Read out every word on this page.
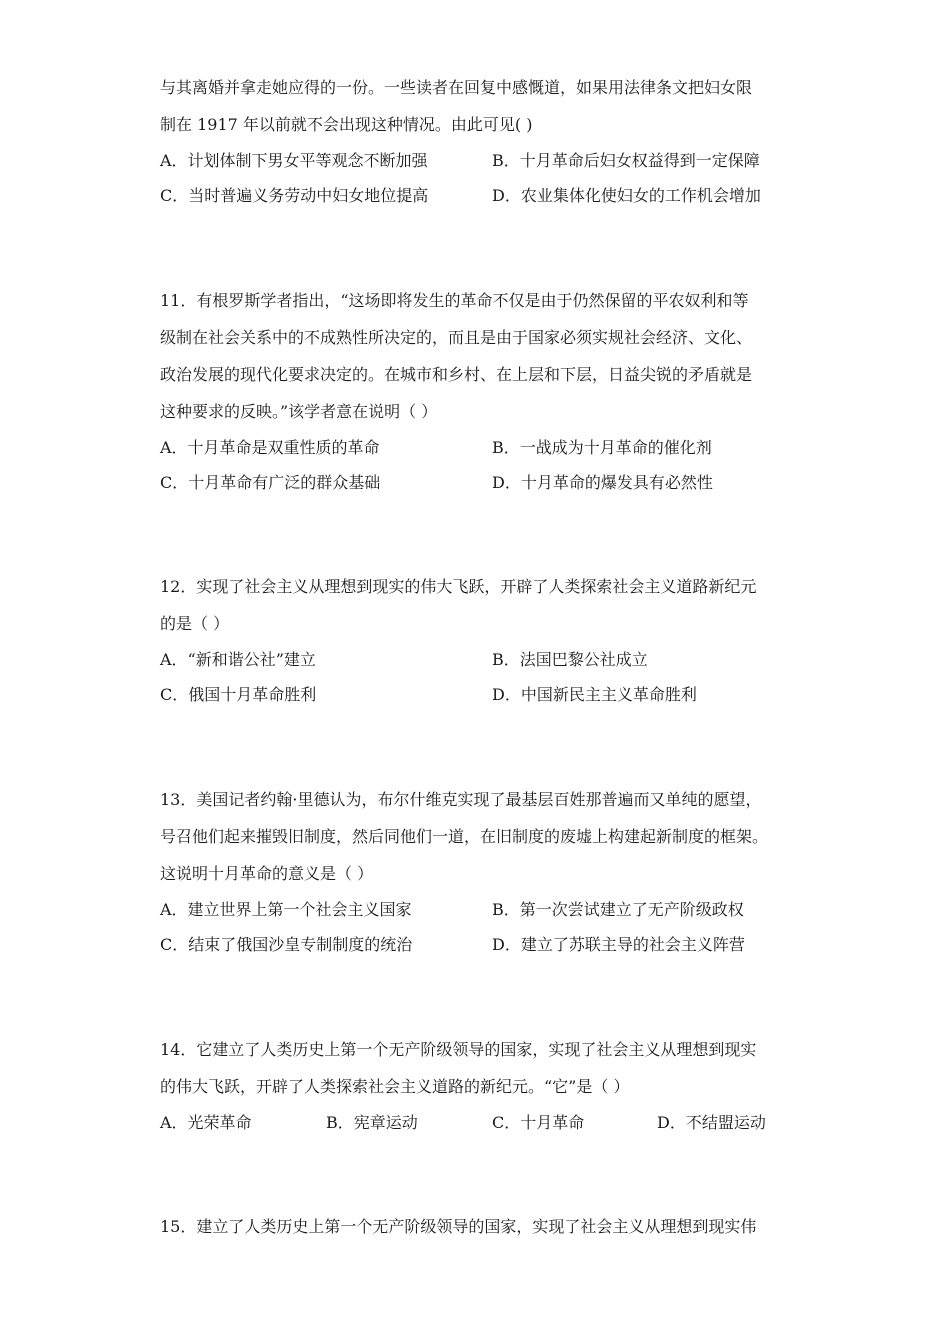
与其离婚并拿走她应得的一份。一些读者在回复中感慨道，如果用法律条文把妇女限
制在 1917 年以前就不会出现这种情况。由此可见( )
A．计划体制下男女平等观念不断加强	B．十月革命后妇女权益得到一定保障
C．当时普遍义务劳动中妇女地位提高	D．农业集体化使妇女的工作机会增加
11．有根罗斯学者指出，“这场即将发生的革命不仅是由于仍然保留的平农奴利和等
级制在社会关系中的不成熟性所决定的，而且是由于国家必须实规社会经济、文化、
政治发展的现代化要求决定的。在城市和乡村、在上层和下层，日益尖锐的矛盾就是
这种要求的反映。”该学者意在说明（ ）
A．十月革命是双重性质的革命	B．一战成为十月革命的催化剂
C．十月革命有广泛的群众基础	D．十月革命的爆发具有必然性
12．实现了社会主义从理想到现实的伟大飞跃，开辟了人类探索社会主义道路新纪元
的是（ ）
A．“新和谐公社”建立	B．法国巴黎公社成立
C．俄国十月革命胜利	D．中国新民主主义革命胜利
13．美国记者约翰·里德认为，布尔什维克实现了最基层百姓那普遍而又单纯的愿望，
号召他们起来摧毁旧制度，然后同他们一道，在旧制度的废墟上构建起新制度的框架。
这说明十月革命的意义是（ ）
A．建立世界上第一个社会主义国家	B．第一次尝试建立了无产阶级政权
C．结束了俄国沙皇专制制度的统治	D．建立了苏联主导的社会主义阵营
14．它建立了人类历史上第一个无产阶级领导的国家，实现了社会主义从理想到现实
的伟大飞跃，开辟了人类探索社会主义道路的新纪元。“它”是（ ）
A．光荣革命	B．宪章运动	C．十月革命	D．不结盟运动
15．建立了人类历史上第一个无产阶级领导的国家，实现了社会主义从理想到现实伟
